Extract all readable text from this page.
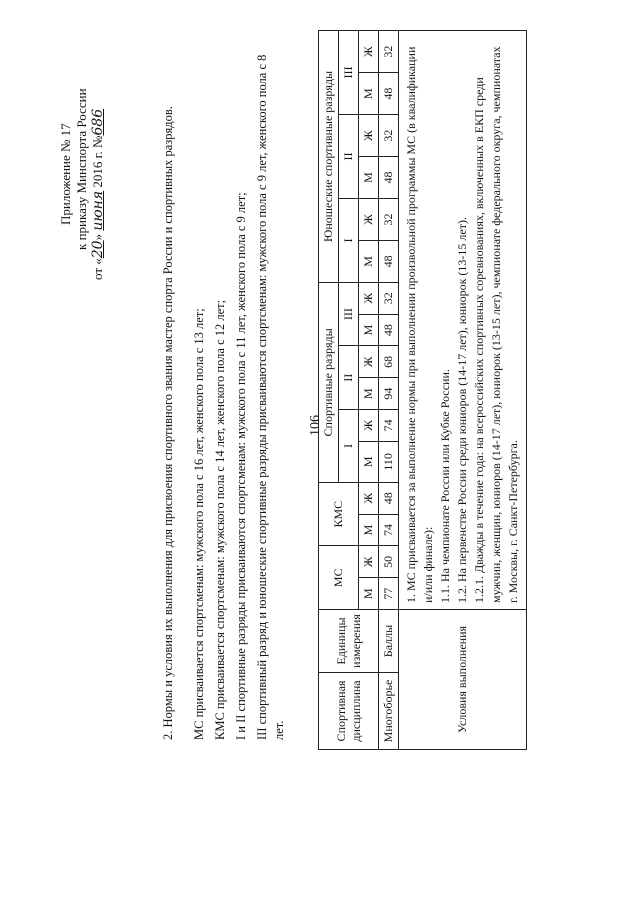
106
Приложение № 17 к приказу Минспорта России
от «20» июня 2016 г. №686	2. Нормы и условия их выполнения для присвоения спортивного звания мастер спорта России и спортивных разрядов. МС присваивается спортсменам: мужского пола с 16 лет, женского пола с 13 лет; КМС присваивается спортсменам: мужского пола с 14 лет, женского пола с 12 лет; I и II спортивные разряды присваиваются спортсменам: мужского пола с 11 лет, женского пола с 9 лет; III спортивный разряд и юношеские спортивные разряды присваиваются спортсменам: мужского пола с 9 лет, женского пола с 8 лет.	Спортивная дисциплина	Единицы измерения	МС		КМС		Спортивные разряды						Юношеские спортивные разряды					
						I		II		III		I		II		III	
		М	Ж	М	Ж	М	Ж	М	Ж	М	Ж	М	Ж	М	Ж	М	Ж
Многоборье	Баллы	77	50	74	48	110	74	94	68	48	32	48	32	48	32	48	32
Условия выполнения		1. МС присваивается за выполнение нормы при выполнении произвольной программы МС (в квалификации и/или финале): 1.1. На чемпионате России или Кубке России. 1.2. На первенстве России среди юниоров (14-17 лет), юниорок (13-15 лет). 1.2.1. Дважды в течение года: на всероссийских спортивных соревнованиях, включенных в ЕКП среди мужчин, женщин, юниоров (14-17 лет), юниорок (13-15 лет), чемпионате федерального округа, чемпионатах г. Москвы, г. Санкт-Петербурга.															
